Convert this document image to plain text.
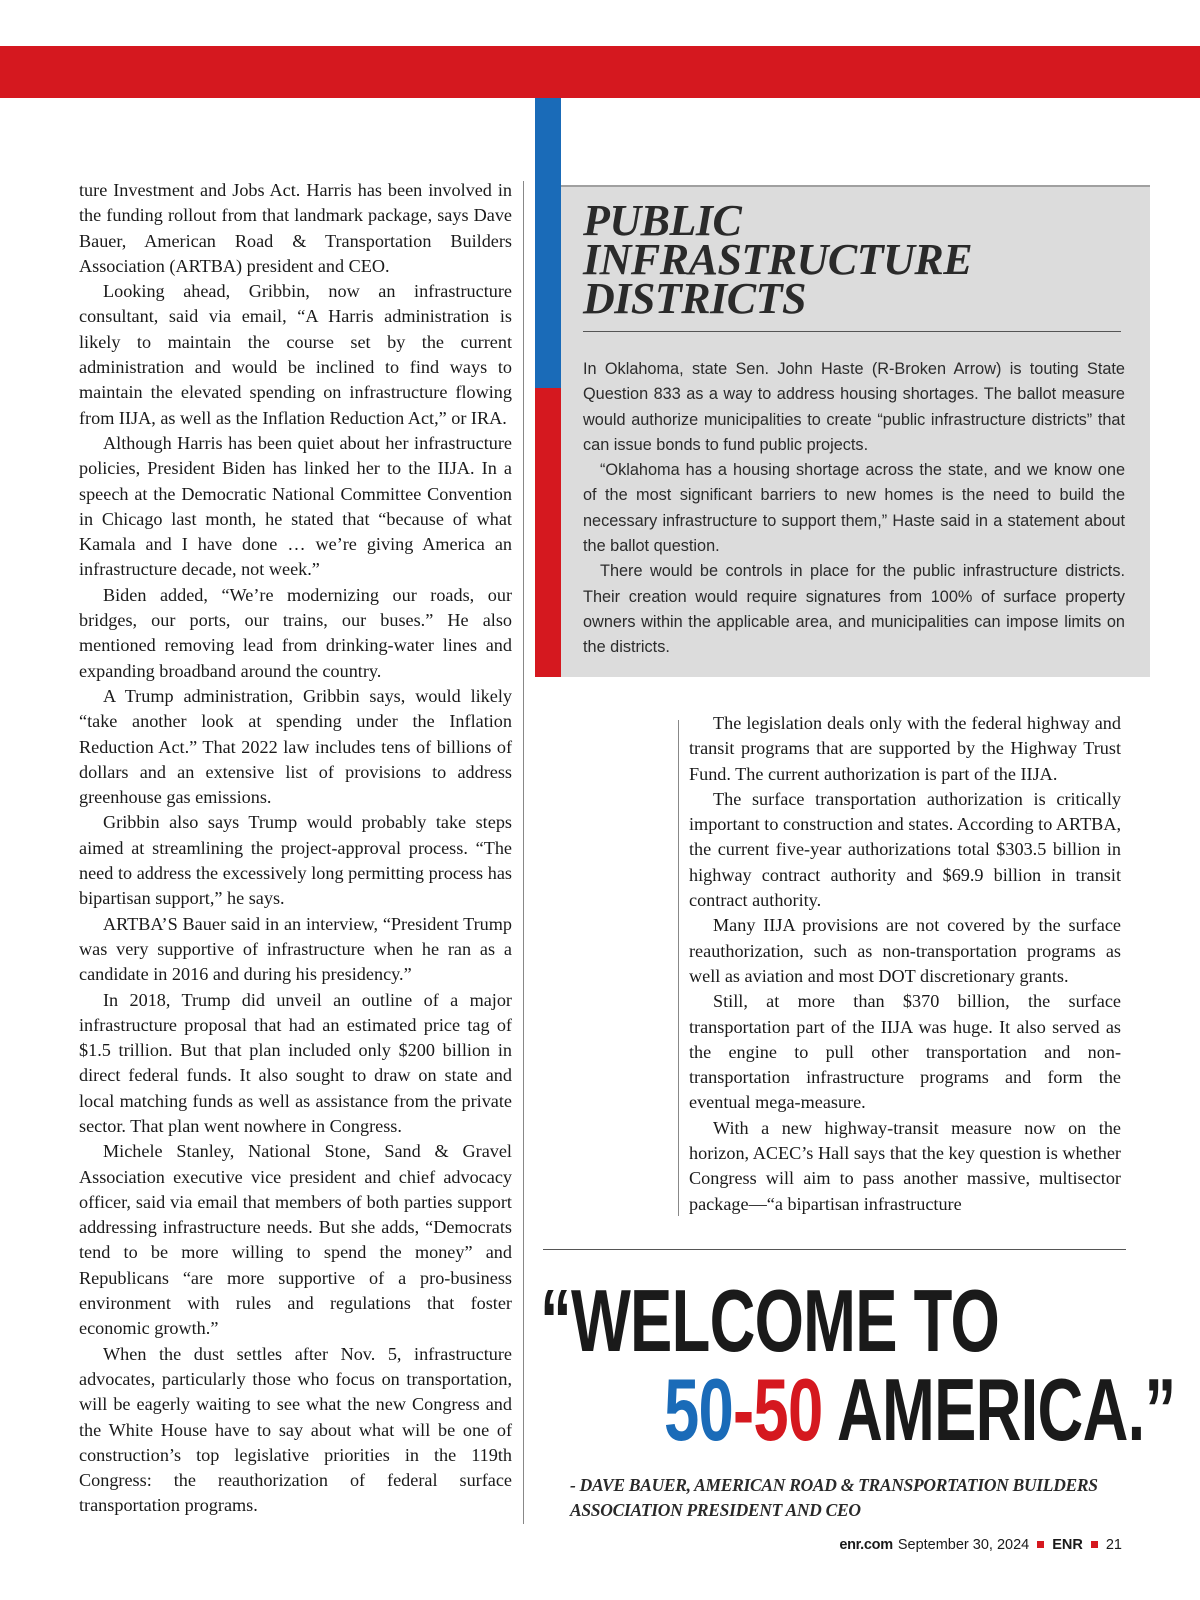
ture Investment and Jobs Act. Harris has been involved in the funding rollout from that landmark package, says Dave Bauer, American Road & Transportation Builders Association (ARTBA) president and CEO.

Looking ahead, Gribbin, now an infrastructure consultant, said via email, “A Harris administration is likely to maintain the course set by the current administration and would be inclined to find ways to maintain the elevated spending on infrastructure flowing from IIJA, as well as the Inflation Reduction Act,” or IRA.

Although Harris has been quiet about her infrastructure policies, President Biden has linked her to the IIJA. In a speech at the Democratic National Committee Convention in Chicago last month, he stated that “because of what Kamala and I have done … we’re giving America an infrastructure decade, not week.”

Biden added, “We’re modernizing our roads, our bridges, our ports, our trains, our buses.” He also mentioned removing lead from drinking-water lines and expanding broadband around the country.

A Trump administration, Gribbin says, would likely “take another look at spending under the Inflation Reduction Act.” That 2022 law includes tens of billions of dollars and an extensive list of provisions to address greenhouse gas emissions.

Gribbin also says Trump would probably take steps aimed at streamlining the project-approval process. “The need to address the excessively long permitting process has bipartisan support,” he says.

ARTBA’S Bauer said in an interview, “President Trump was very supportive of infrastructure when he ran as a candidate in 2016 and during his presidency.”

In 2018, Trump did unveil an outline of a major infrastructure proposal that had an estimated price tag of $1.5 trillion. But that plan included only $200 billion in direct federal funds. It also sought to draw on state and local matching funds as well as assistance from the private sector. That plan went nowhere in Congress.

Michele Stanley, National Stone, Sand & Gravel Association executive vice president and chief advocacy officer, said via email that members of both parties support addressing infrastructure needs. But she adds, “Democrats tend to be more willing to spend the money” and Republicans “are more supportive of a pro-business environment with rules and regulations that foster economic growth.”

When the dust settles after Nov. 5, infrastructure advocates, particularly those who focus on transportation, will be eagerly waiting to see what the new Congress and the White House have to say about what will be one of construction’s top legislative priorities in the 119th Congress: the reauthorization of federal surface transportation programs.

PUBLIC INFRASTRUCTURE DISTRICTS

In Oklahoma, state Sen. John Haste (R-Broken Arrow) is touting State Question 833 as a way to address housing shortages. The ballot measure would authorize municipalities to create “public infrastructure districts” that can issue bonds to fund public projects.

“Oklahoma has a housing shortage across the state, and we know one of the most significant barriers to new homes is the need to build the necessary infrastructure to support them,” Haste said in a statement about the ballot question.

There would be controls in place for the public infrastructure districts. Their creation would require signatures from 100% of surface property owners within the applicable area, and municipalities can impose limits on the districts.

The legislation deals only with the federal highway and transit programs that are supported by the Highway Trust Fund. The current authorization is part of the IIJA.

The surface transportation authorization is critically important to construction and states. According to ARTBA, the current five-year authorizations total $303.5 billion in highway contract authority and $69.9 billion in transit contract authority.

Many IIJA provisions are not covered by the surface reauthorization, such as non-transportation programs as well as aviation and most DOT discretionary grants.

Still, at more than $370 billion, the surface transportation part of the IIJA was huge. It also served as the engine to pull other transportation and non-transportation infrastructure programs and form the eventual mega-measure.

With a new highway-transit measure now on the horizon, ACEC’s Hall says that the key question is whether Congress will aim to pass another massive, multisector package—“a bipartisan infrastructure

“WELCOME TO
50-50 AMERICA.”

- DAVE BAUER, AMERICAN ROAD & TRANSPORTATION BUILDERS ASSOCIATION PRESIDENT AND CEO

enr.com September 30, 2024 ENR 21
